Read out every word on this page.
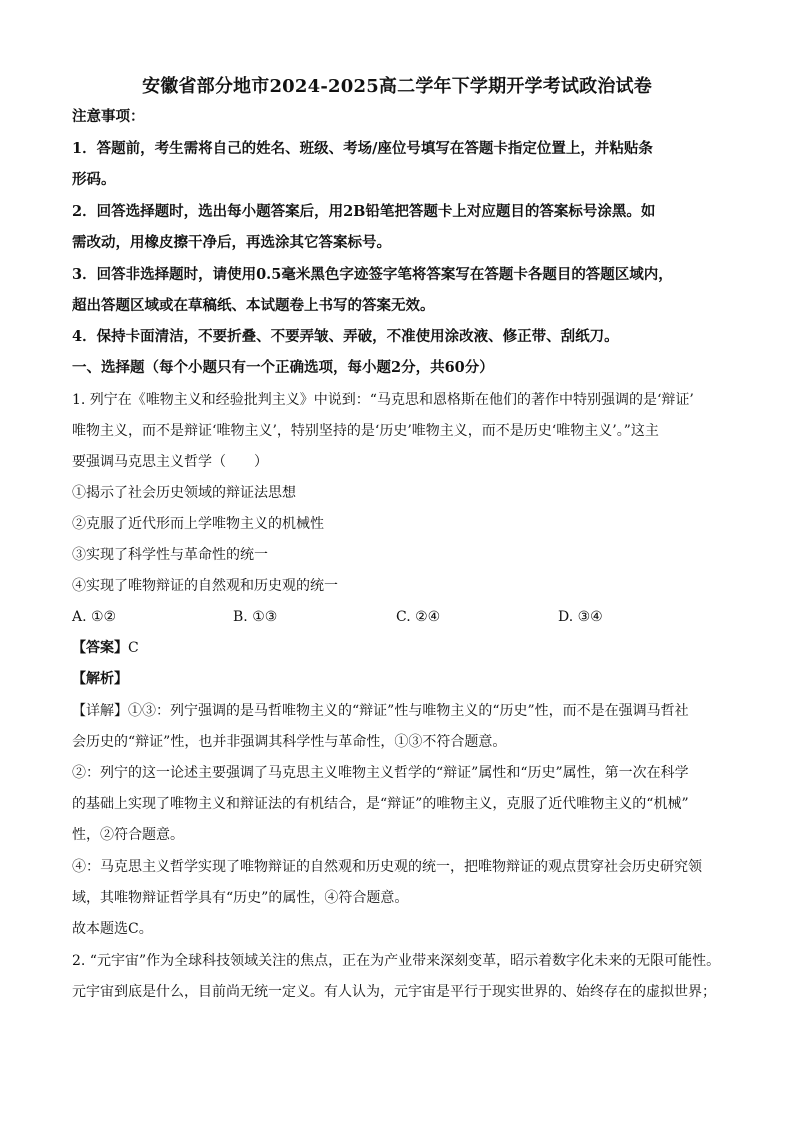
安徽省部分地市2024-2025高二学年下学期开学考试政治试卷
注意事项：
1．答题前，考生需将自己的姓名、班级、考场/座位号填写在答题卡指定位置上，并粘贴条
形码。
2．回答选择题时，选出每小题答案后，用2B铅笔把答题卡上对应题目的答案标号涂黑。如
需改动，用橡皮擦干净后，再选涂其它答案标号。
3．回答非选择题时，请使用0.5毫米黑色字迹签字笔将答案写在答题卡各题目的答题区域内，
超出答题区域或在草稿纸、本试题卷上书写的答案无效。
4．保持卡面清洁，不要折叠、不要弄皱、弄破，不准使用涂改液、修正带、刮纸刀。
一、选择题（每个小题只有一个正确选项，每小题2分，共60分）
1. 列宁在《唯物主义和经验批判主义》中说到：“马克思和恩格斯在他们的著作中特别强调的是‘辩证’
唯物主义，而不是辩证‘唯物主义’，特别坚持的是‘历史’唯物主义，而不是历史‘唯物主义’。”这主
要强调马克思主义哲学（　　）
①揭示了社会历史领域的辩证法思想
②克服了近代形而上学唯物主义的机械性
③实现了科学性与革命性的统一
④实现了唯物辩证的自然观和历史观的统一
A. ①②	B. ①③	C. ②④	D. ③④
【答案】C
【解析】
【详解】①③：列宁强调的是马哲唯物主义的“辩证”性与唯物主义的“历史”性，而不是在强调马哲社
会历史的“辩证”性，也并非强调其科学性与革命性，①③不符合题意。
②：列宁的这一论述主要强调了马克思主义唯物主义哲学的“辩证”属性和“历史”属性，第一次在科学
的基础上实现了唯物主义和辩证法的有机结合，是“辩证”的唯物主义，克服了近代唯物主义的“机械”
性，②符合题意。
④：马克思主义哲学实现了唯物辩证的自然观和历史观的统一，把唯物辩证的观点贯穿社会历史研究领
域，其唯物辩证哲学具有“历史”的属性，④符合题意。
故本题选C。
2. “元宇宙”作为全球科技领域关注的焦点，正在为产业带来深刻变革，昭示着数字化未来的无限可能性。
元宇宙到底是什么，目前尚无统一定义。有人认为，元宇宙是平行于现实世界的、始终存在的虚拟世界；
